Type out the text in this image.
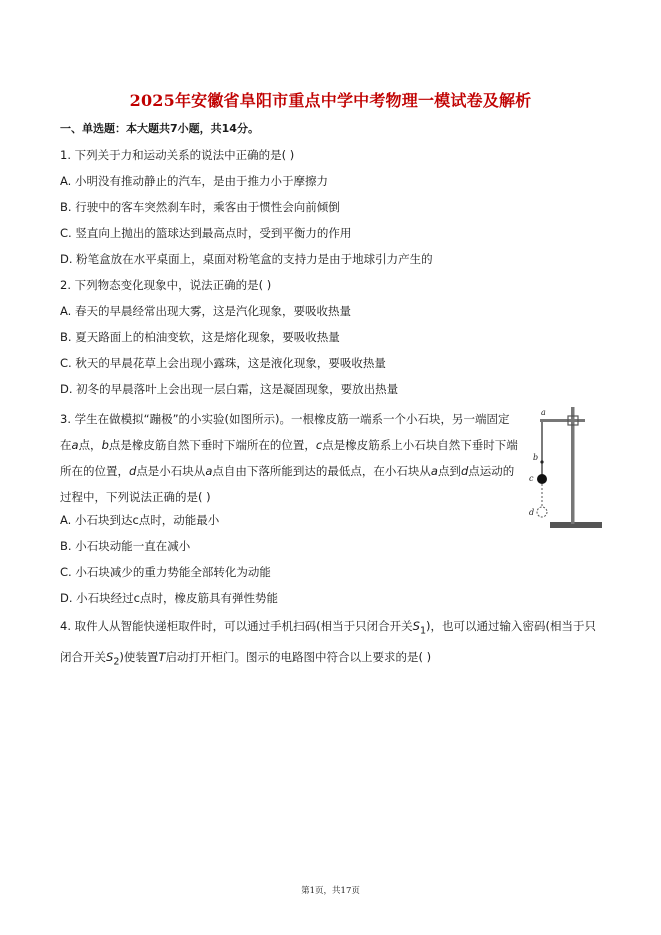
2025年安徽省阜阳市重点中学中考物理一模试卷及解析
一、单选题：本大题共7小题，共14分。
1. 下列关于力和运动关系的说法中正确的是( )
A. 小明没有推动静止的汽车，是由于推力小于摩擦力
B. 行驶中的客车突然刹车时，乘客由于惯性会向前倾倒
C. 竖直向上抛出的篮球达到最高点时，受到平衡力的作用
D. 粉笔盒放在水平桌面上，桌面对粉笔盒的支持力是由于地球引力产生的
2. 下列物态变化现象中，说法正确的是( )
A. 春天的早晨经常出现大雾，这是汽化现象，要吸收热量
B. 夏天路面上的柏油变软，这是熔化现象，要吸收热量
C. 秋天的早晨花草上会出现小露珠，这是液化现象，要吸收热量
D. 初冬的早晨落叶上会出现一层白霜，这是凝固现象，要放出热量
3. 学生在做模拟“蹦极”的小实验(如图所示)。一根橡皮筋一端系一个小石块，另一端固定在a点，b点是橡皮筋自然下垂时下端所在的位置，c点是橡皮筋系上小石块自然下垂时下端所在的位置，d点是小石块从a点自由下落所能到达的最低点，在小石块从a点到d点运动的过程中，下列说法正确的是( )
A. 小石块到达c点时，动能最小
B. 小石块动能一直在减小
C. 小石块减少的重力势能全部转化为动能
D. 小石块经过c点时，橡皮筋具有弹性势能
a
b
c
d
4. 取件人从智能快递柜取件时，可以通过手机扫码(相当于只闭合开关$S_1$)，也可以通过输入密码(相当于只闭合开关$S_2$)使装置T启动打开柜门。图示的电路图中符合以上要求的是( )
第1页，共17页
